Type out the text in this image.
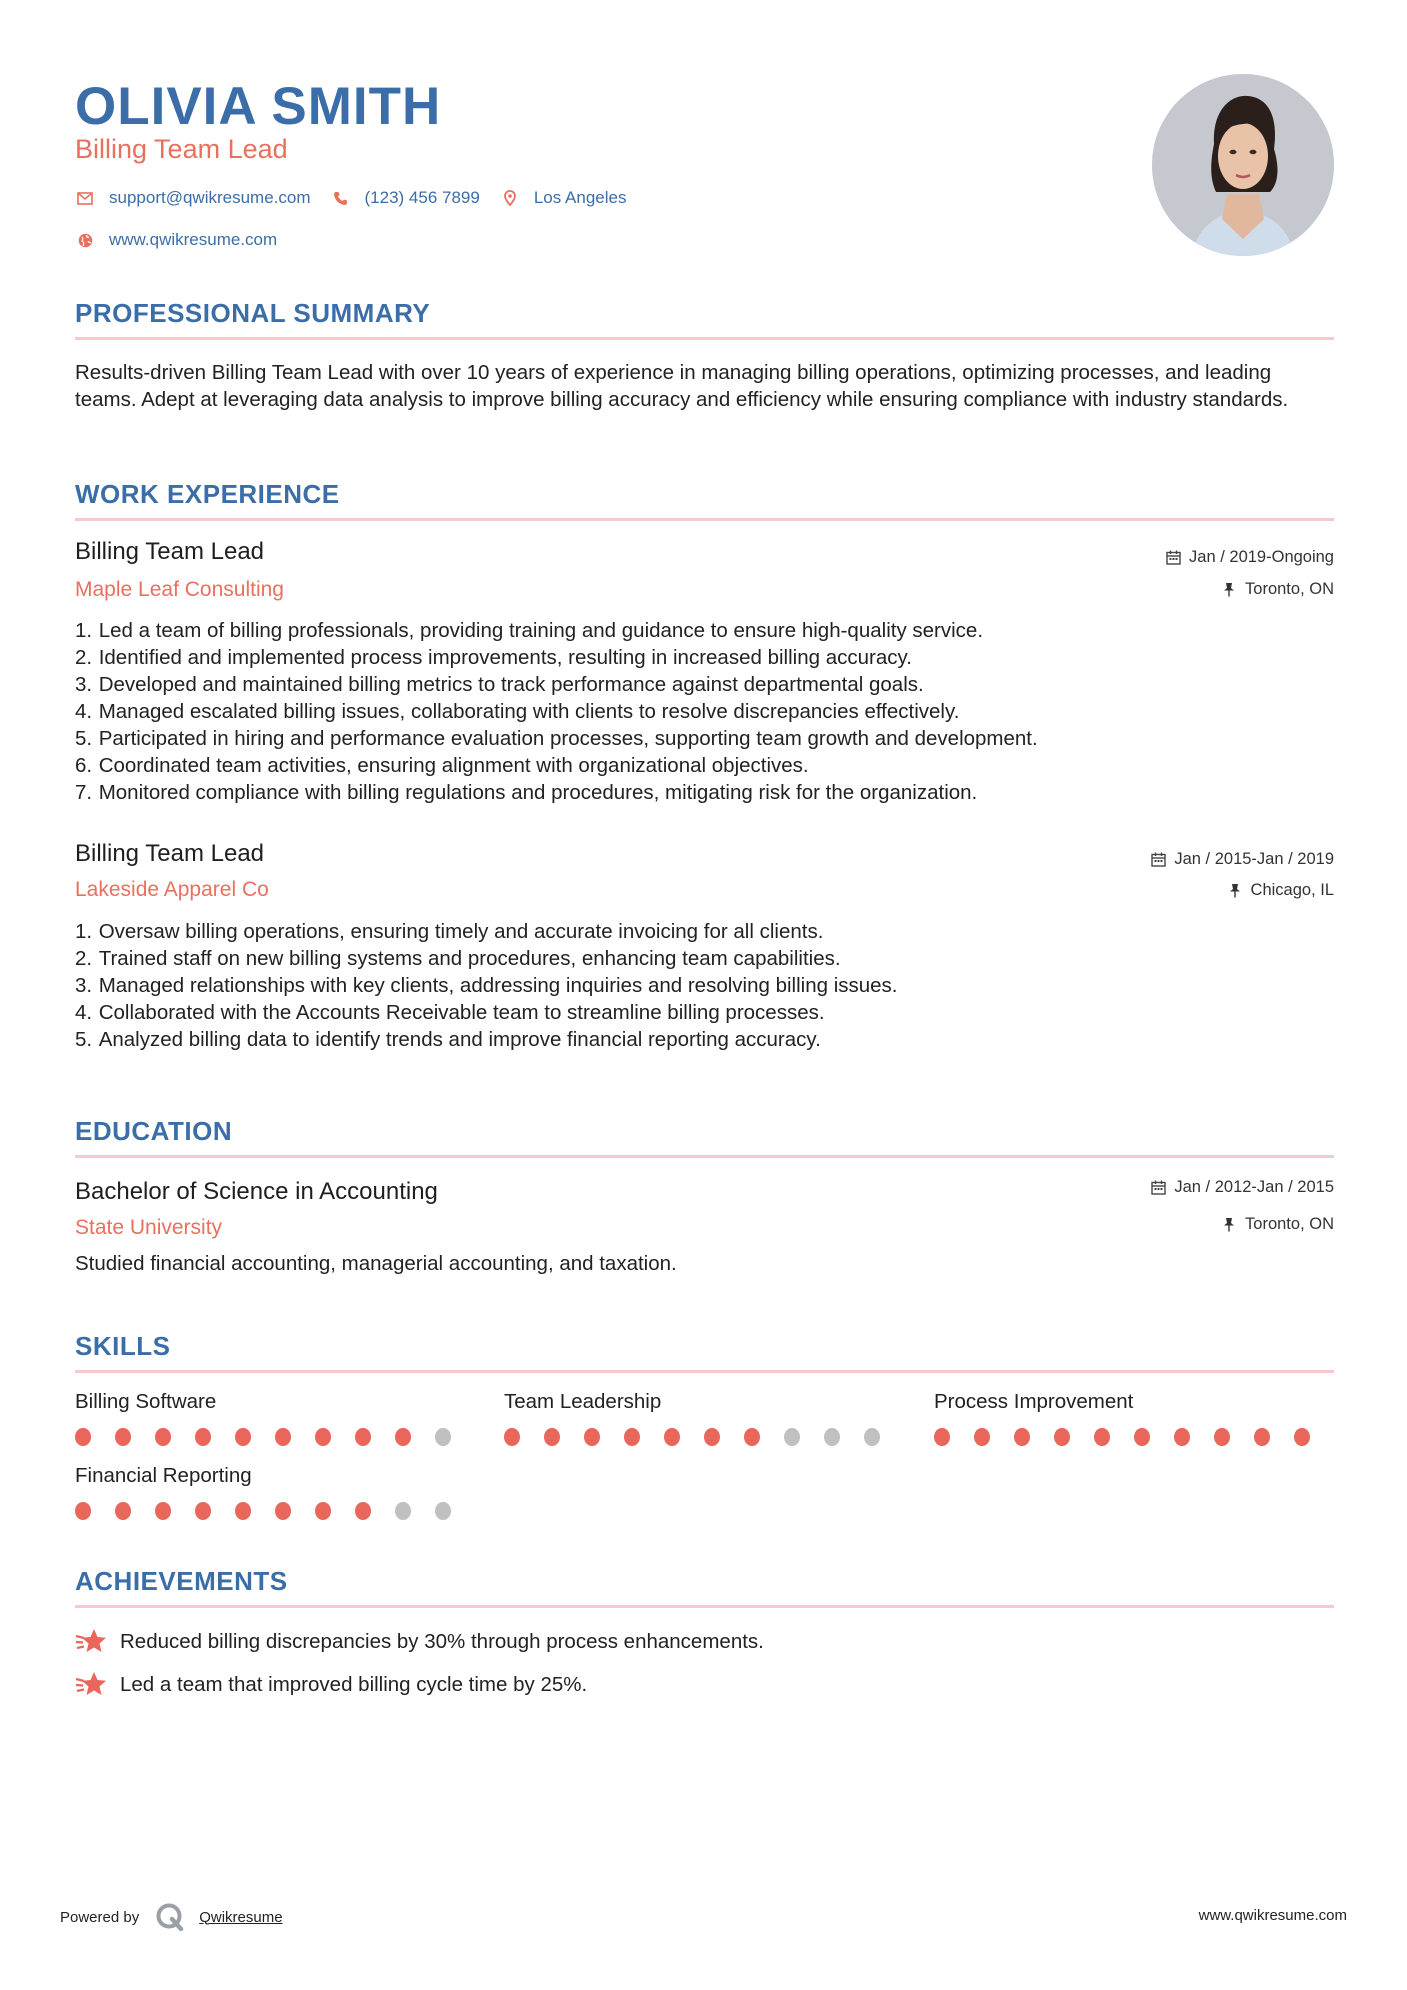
OLIVIA SMITH
Billing Team Lead
support@qwikresume.com	(123) 456 7899	Los Angeles
www.qwikresume.com
PROFESSIONAL SUMMARY
Results-driven Billing Team Lead with over 10 years of experience in managing billing operations, optimizing processes, and leading teams. Adept at leveraging data analysis to improve billing accuracy and efficiency while ensuring compliance with industry standards.
WORK EXPERIENCE
Billing Team Lead
Maple Leaf Consulting
Jan / 2019-Ongoing
Toronto, ON
1.
Led a team of billing professionals, providing training and guidance to ensure high-quality service.
2.
Identified and implemented process improvements, resulting in increased billing accuracy.
3.
Developed and maintained billing metrics to track performance against departmental goals.
4.
Managed escalated billing issues, collaborating with clients to resolve discrepancies effectively.
5.
Participated in hiring and performance evaluation processes, supporting team growth and development.
6.
Coordinated team activities, ensuring alignment with organizational objectives.
7.
Monitored compliance with billing regulations and procedures, mitigating risk for the organization.
Billing Team Lead
Lakeside Apparel Co
Jan / 2015-Jan / 2019
Chicago, IL
1.
Oversaw billing operations, ensuring timely and accurate invoicing for all clients.
2.
Trained staff on new billing systems and procedures, enhancing team capabilities.
3.
Managed relationships with key clients, addressing inquiries and resolving billing issues.
4.
Collaborated with the Accounts Receivable team to streamline billing processes.
5.
Analyzed billing data to identify trends and improve financial reporting accuracy.
EDUCATION
Bachelor of Science in Accounting
State University
Jan / 2012-Jan / 2015
Toronto, ON
Studied financial accounting, managerial accounting, and taxation.
SKILLS
Billing Software	Team Leadership	Process Improvement
Financial Reporting
ACHIEVEMENTS
Reduced billing discrepancies by 30% through process enhancements.
Led a team that improved billing cycle time by 25%.
Powered by	Qwikresume	www.qwikresume.com
